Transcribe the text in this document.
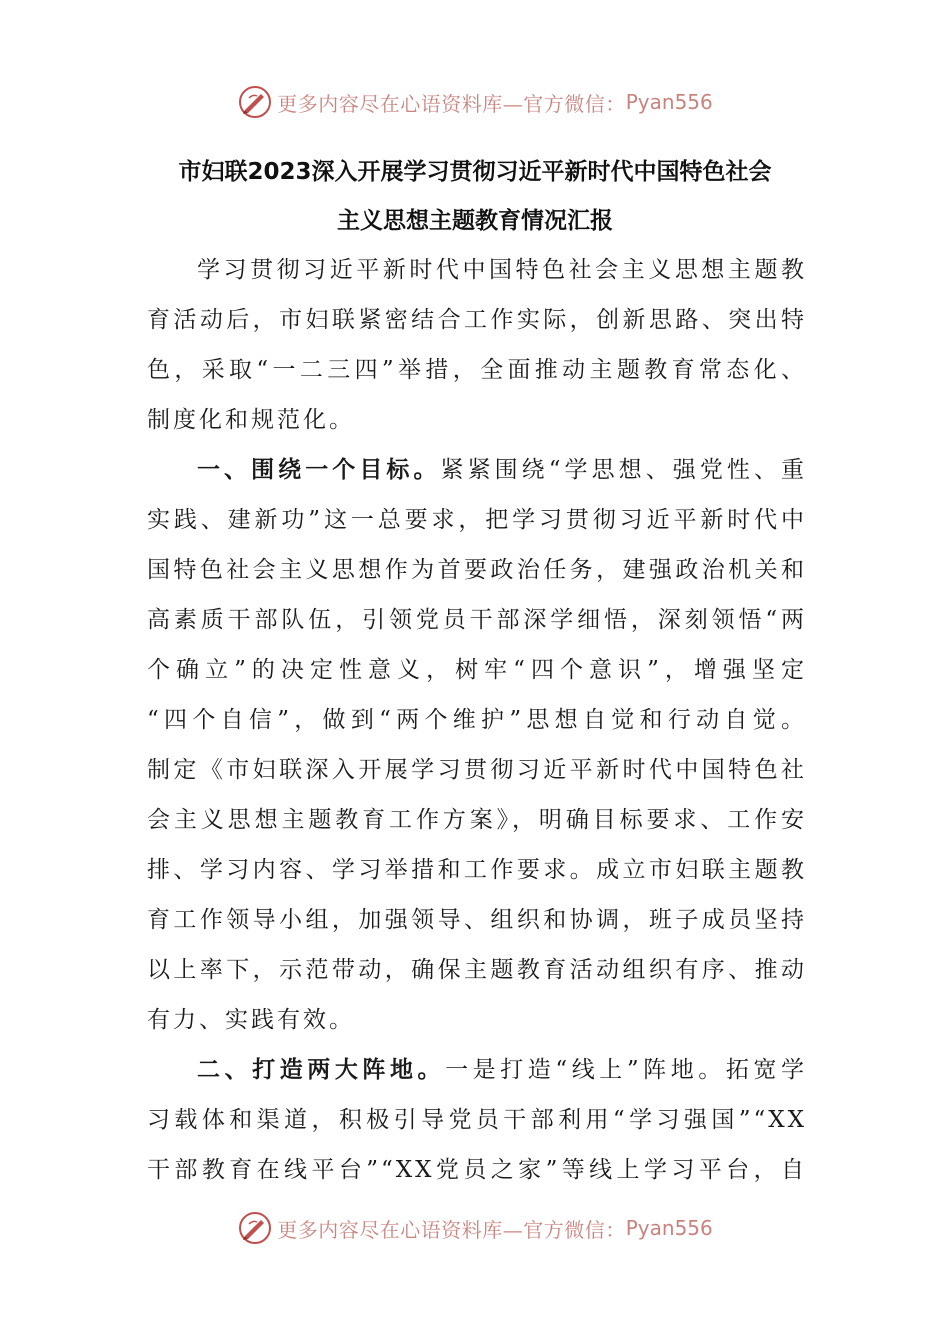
更多内容尽在心语资料库—官方微信： Pyan556
市妇联2023深入开展学习贯彻习近平新时代中国特色社会
主义思想主题教育情况汇报
学习贯彻习近平新时代中国特色社会主义思想主题教
育活动后，市妇联紧密结合工作实际，创新思路、突出特
色，采取“一二三四”举措，全面推动主题教育常态化、
制度化和规范化。
一、围绕一个目标。紧紧围绕“学思想、强党性、重
实践、建新功”这一总要求，把学习贯彻习近平新时代中
国特色社会主义思想作为首要政治任务，建强政治机关和
高素质干部队伍，引领党员干部深学细悟，深刻领悟“两
个确立”的决定性意义，树牢“四个意识”，增强坚定
“四个自信”，做到“两个维护”思想自觉和行动自觉。
制定《市妇联深入开展学习贯彻习近平新时代中国特色社
会主义思想主题教育工作方案》，明确目标要求、工作安
排、学习内容、学习举措和工作要求。成立市妇联主题教
育工作领导小组，加强领导、组织和协调，班子成员坚持
以上率下，示范带动，确保主题教育活动组织有序、推动
有力、实践有效。
二、打造两大阵地。一是打造“线上”阵地。拓宽学
习载体和渠道，积极引导党员干部利用“学习强国”“XX
干部教育在线平台”“XX党员之家”等线上学习平台，自
更多内容尽在心语资料库—官方微信： Pyan556
